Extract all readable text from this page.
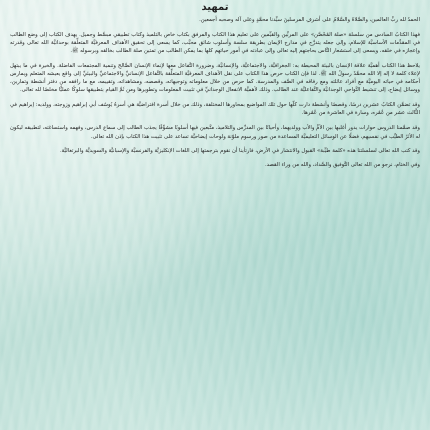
تمهيد

الحمدُ لله ربِّ العالمين، والصَّلاةُ والسَّلامُ على أشرفِ المرسلينَ سيِّدنا محمَّدٍ وعلى آله وصحبه أجمعين.

فهذا الكتابُ السادس من سلسلة «صلة المُحْصَّن» على المربِّين والقيِّمين على تعليم هذا الكتاب والمرفق بكتاب خاص بالتلميذ وكتاب تطبيقي مبسَّط وجميل. يهدف الكتاب إلى وضع الطالب في المقدِّمات الأساسيَّة للإسلام، وإلى جعله يتدرَّج في مدارج الإيمان بطريقة سلسة وأسلوب شائق محبَّب، كما يسعى إلى تحقيق الأهداف المعرفيَّة المتعلِّقة بوحدانيَّة الله تعالى وقدرته وإعجازه في خلقه، ويسعى إلى استشعار النَّاس بحاجتهم إليه تعالى وإلى عبادته في أمور حياتهم كلها بما يمكن الطالب من تمتين صلة الطالب بخالقه وبرسوله ﷺ.

يلاحظ هذا الكتاب أهميَّة علاقة الإنسان بالبيئة المحيطة به: الجغرافيَّة، والاجتماعيَّة، والإنسانيَّة، وضرورة التَّفاعل معها لإنماء الإنسان الصَّالح وتنمية المجتمعات الفاضلة. والخيرة في ما يبتهل لإعلاء كلمة لا إله إلا الله محمَّدٌ رسولُ الله ﷺ. لذا فإن الكتاب حرص هذا الكتاب على نقل الأهداف المعرفيَّة المتعلِّقة بالتَّفاعل الإنسانيِّ والاجتماعيِّ والبيئيِّ إلى واقع يعيشه المتعلم ويمارس أحكامه في حياته اليوميَّة مع أفراد عائلته ومع رفاقه في الصَّف والمدرسة. كما حرص من خلال معلوماته وتوجيهاته، وقصصه، ومشاهداته، وتقييمه، مع ما رافقه من دفتر أنشطة وتمارين، ووسائل إيضاح، إلى تنشيط النَّواحي الوجدانيَّة والتَّفاعليَّة عند الطالب. وذلك لأهميَّة الانفعال الوجدانيِّ في تثبيت المعلومات وتطويرها ومن ثَمَّ القيام بتطبيقها سلوكًا عمليًّا مخلصًا لله تعالى.

وقد تضمَّن الكتابُ عشرين درسًا، وقصصًا وأنشطة دارت كلّها حول تلك المواضيع بمحاورها المختلفة، وذلك من خلال أسرة افتراضيَّة هي أسرةُ يُوسُف أبي إبراهيم وزوجته، وولديه: إبراهيم في الثَّالث عشر من عُمُره، وسارة في العاشرة من عُمُرها.

وقد صمَّمنا الدروس حوارات يدور أغلبها بين الأمِّ والأب وولديهما، وأحيانًا بين المدرِّس والتلاميذ، متَّبعين فيها أسلوبًا مشوِّقًا يجذب الطالب إلى سماع الدرس، وفهمه واستساغته، لتطبيقه ليكون له الأثرُ الطيِّب في نفسيهم، فضلًا عن الوسائل التعليميَّة المساعدة من صور ورسوم ملوّنة ولوحات إيضاحيَّة تساعد على تثبيت هذا الكتاب بإذن الله تعالى.

وقد كتب الله تعالى لسلسلتنا هذه «كلمة طيِّبة» القبول والانتشار في الأرض، فارتأينا أن نقوم بترجمتها إلى اللغات الإنكليزيَّة والفرنسيَّة والإسبانيَّة والسويديَّة والبرتغاليَّة.

وفي الختام، نرجو من الله تعالى التَّوفيق والسَّداد، والله من وراء القصد.
